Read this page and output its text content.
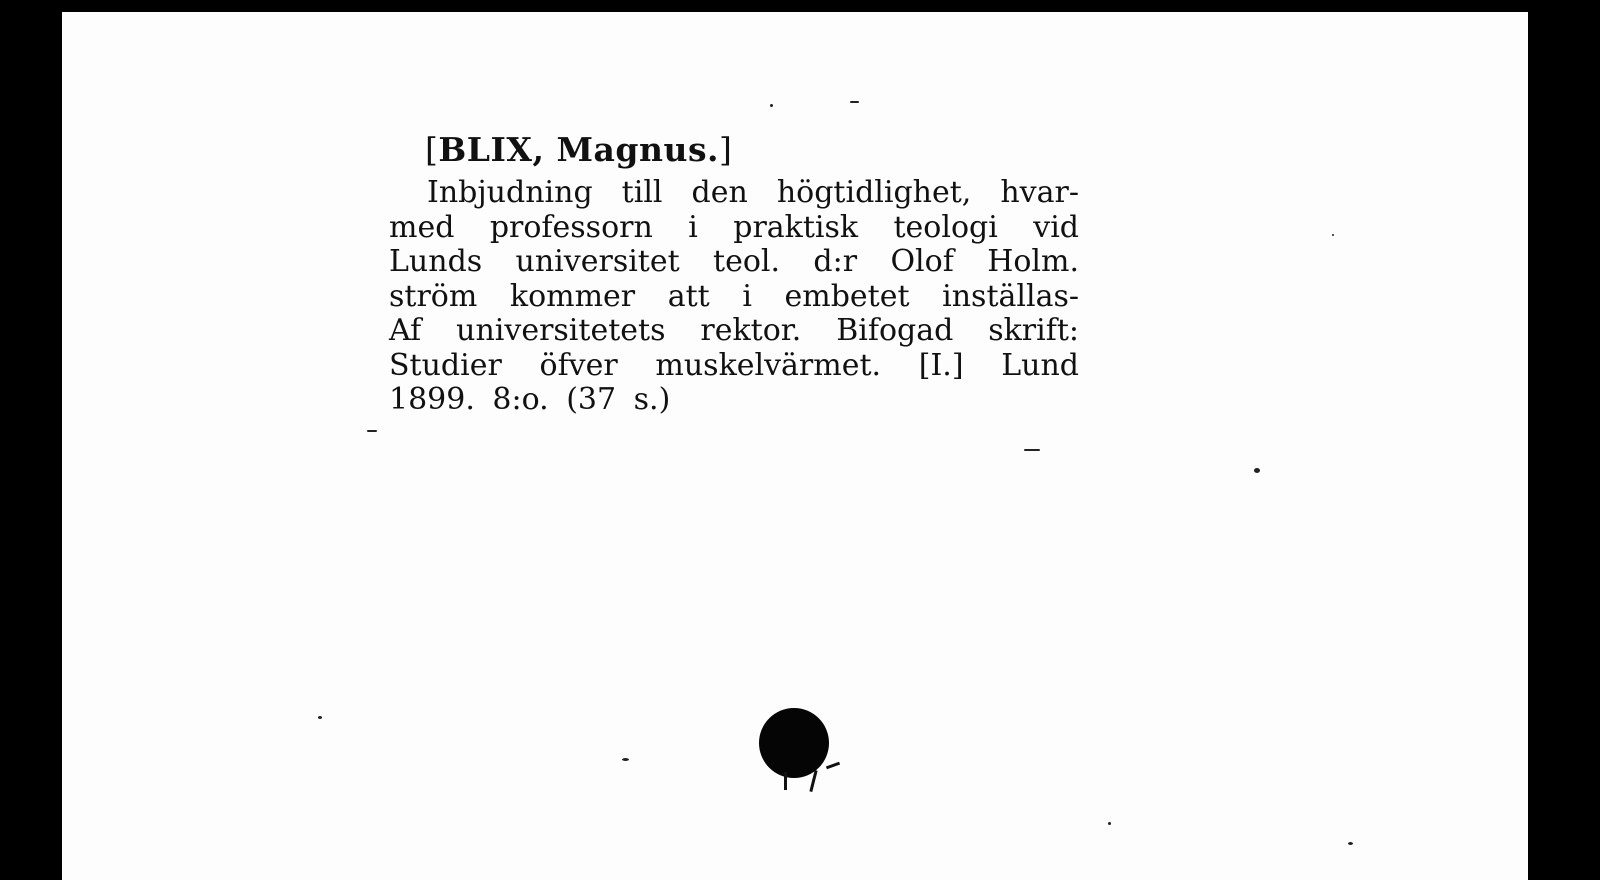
[BLIX, Magnus.]

Inbjudning till den högtidlighet, hvar-
med professorn i praktisk teologi vid
Lunds universitet teol. d:r Olof Holm.
ström kommer att i embetet inställas-
Af universitetets rektor. Bifogad skrift:
Studier öfver muskelvärmet. [I.] Lund
1899. 8:o. (37 s.)
